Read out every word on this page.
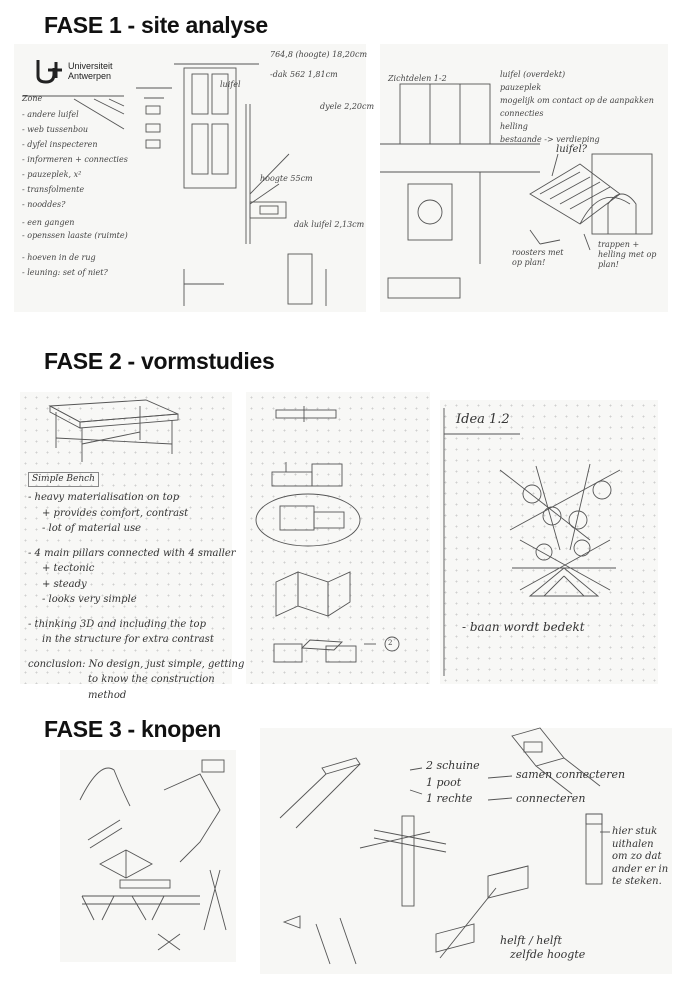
FASE 1 - site analyse
Universiteit
Antwerpen
Zone
- andere luifel
- web tussenbou
- dyfel inspecteren
- informeren + connecties
- pauzeplek, x²
- transfolmente
- nooddes?
- een gangen
- openssen laaste (ruimte)
- hoeven in de rug
- leuning: set of niet?
764,8 (hoogte) 18,20cm
-dak 562 1,81cm
dyele 2,20cm
luifel
hoogte 55cm
dak luifel 2,13cm
Zichtdelen 1-2	luifel (overdekt)
pauzeplek
mogelijk om contact op de aanpakken
connecties
helling
bestaande -> verdieping
luifel?
roosters met op plan!
trappen + helling met op plan!
FASE 2 - vormstudies
Simple Bench
- heavy materialisation on top
+ provides comfort, contrast
- lot of material use
- 4 main pillars connected with 4 smaller
+ tectonic
+ steady
- looks very simple
- thinking 3D and including the top
in the structure for extra contrast
conclusion: No design, just simple, getting
to know the construction
method
2
Idea 1.2
- baan wordt bedekt
FASE 3 - knopen
2 schuine
1 poot
1 rechte
samen connecteren
connecteren
hier stuk
uithalen
om zo dat
ander er in
te steken.
helft / helft
zelfde hoogte
